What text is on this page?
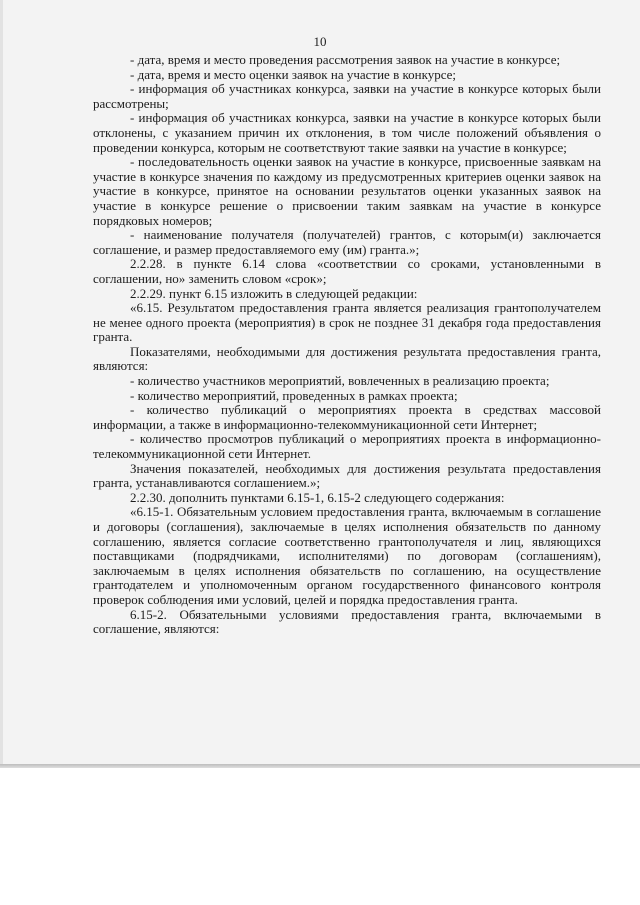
10

- дата, время и место проведения рассмотрения заявок на участие в конкурсе;

- дата, время и место оценки заявок на участие в конкурсе;

- информация об участниках конкурса, заявки на участие в конкурсе которых были рассмотрены;

- информация об участниках конкурса, заявки на участие в конкурсе которых были отклонены, с указанием причин их отклонения, в том числе положений объявления о проведении конкурса, которым не соответствуют такие заявки на участие в конкурсе;

- последовательность оценки заявок на участие в конкурсе, присвоенные заявкам на участие в конкурсе значения по каждому из предусмотренных критериев оценки заявок на участие в конкурсе, принятое на основании результатов оценки указанных заявок на участие в конкурсе решение о присвоении таким заявкам на участие в конкурсе порядковых номеров;

- наименование получателя (получателей) грантов, с которым(и) заключается соглашение, и размер предоставляемого ему (им) гранта.»;

2.2.28. в пункте 6.14 слова «соответствии со сроками, установленными в соглашении, но» заменить словом «срок»;

2.2.29. пункт 6.15 изложить в следующей редакции:

«6.15. Результатом предоставления гранта является реализация грантополучателем не менее одного проекта (мероприятия) в срок не позднее 31 декабря года предоставления гранта.

Показателями, необходимыми для достижения результата предоставления гранта, являются:

- количество участников мероприятий, вовлеченных в реализацию проекта;

- количество мероприятий, проведенных в рамках проекта;

- количество публикаций о мероприятиях проекта в средствах массовой информации, а также в информационно-телекоммуникационной сети Интернет;

- количество просмотров публикаций о мероприятиях проекта в информационно-телекоммуникационной сети Интернет.

Значения показателей, необходимых для достижения результата предоставления гранта, устанавливаются соглашением.»;

2.2.30. дополнить пунктами 6.15-1, 6.15-2 следующего содержания:

«6.15-1. Обязательным условием предоставления гранта, включаемым в соглашение и договоры (соглашения), заключаемые в целях исполнения обязательств по данному соглашению, является согласие соответственно грантополучателя и лиц, являющихся поставщиками (подрядчиками, исполнителями) по договорам (соглашениям), заключаемым в целях исполнения обязательств по соглашению, на осуществление грантодателем и уполномоченным органом государственного финансового контроля проверок соблюдения ими условий, целей и порядка предоставления гранта.

6.15-2. Обязательными условиями предоставления гранта, включаемыми в соглашение, являются:
